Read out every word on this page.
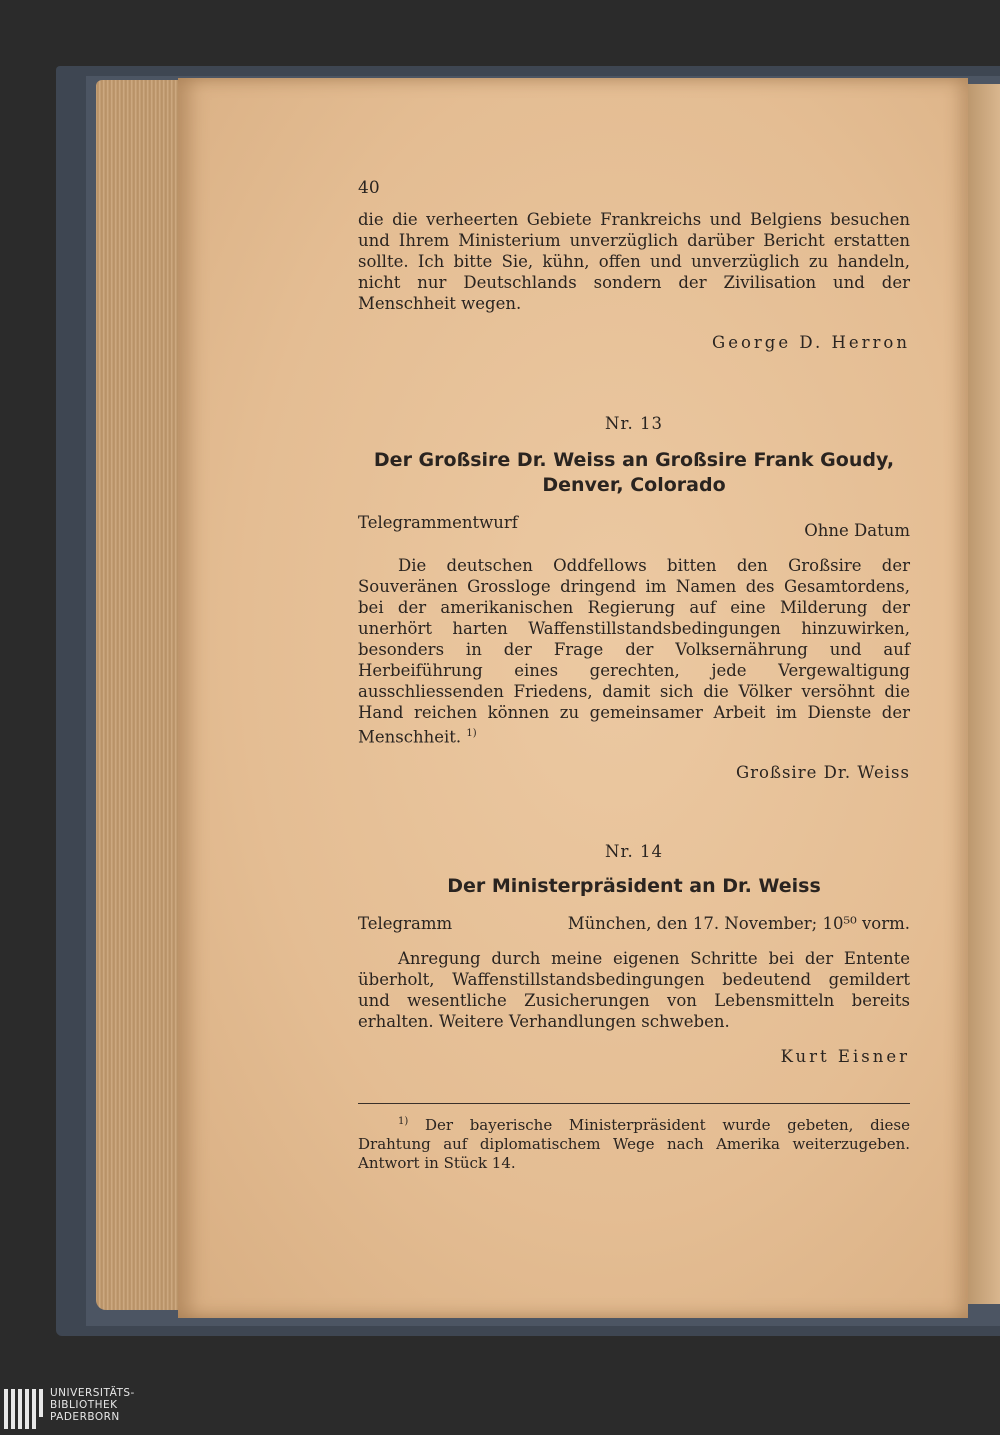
40
die die verheerten Gebiete Frankreichs und Belgiens besuchen und Ihrem Ministerium unverzüglich darüber Bericht erstatten sollte. Ich bitte Sie, kühn, offen und unverzüglich zu handeln, nicht nur Deutschlands sondern der Zivilisation und der Menschheit wegen.
George D. Herron
Nr. 13
Der Großsire Dr. Weiss an Großsire Frank Goudy,
Denver, Colorado
Telegrammentwurf	Ohne Datum
Die deutschen Oddfellows bitten den Großsire der Souveränen Grossloge dringend im Namen des Gesamtordens, bei der amerikanischen Regierung auf eine Milderung der unerhört harten Waffenstillstandsbedingungen hinzuwirken, besonders in der Frage der Volksernährung und auf Herbeiführung eines gerechten, jede Vergewaltigung ausschliessenden Friedens, damit sich die Völker versöhnt die Hand reichen können zu gemeinsamer Arbeit im Dienste der Menschheit. $^{1)}$
Großsire Dr. Weiss
Nr. 14
Der Ministerpräsident an Dr. Weiss
Telegramm	München, den 17. November; 10⁵⁰ vorm.
Anregung durch meine eigenen Schritte bei der Entente überholt, Waffenstillstandsbedingungen bedeutend gemildert und wesentliche Zusicherungen von Lebensmitteln bereits erhalten. Weitere Verhandlungen schweben.
Kurt Eisner
$^{1)}$ Der bayerische Ministerpräsident wurde gebeten, diese Drahtung auf diplomatischem Wege nach Amerika weiterzugeben. Antwort in Stück 14.
UNIVERSITÄTS-
BIBLIOTHEK
PADERBORN
